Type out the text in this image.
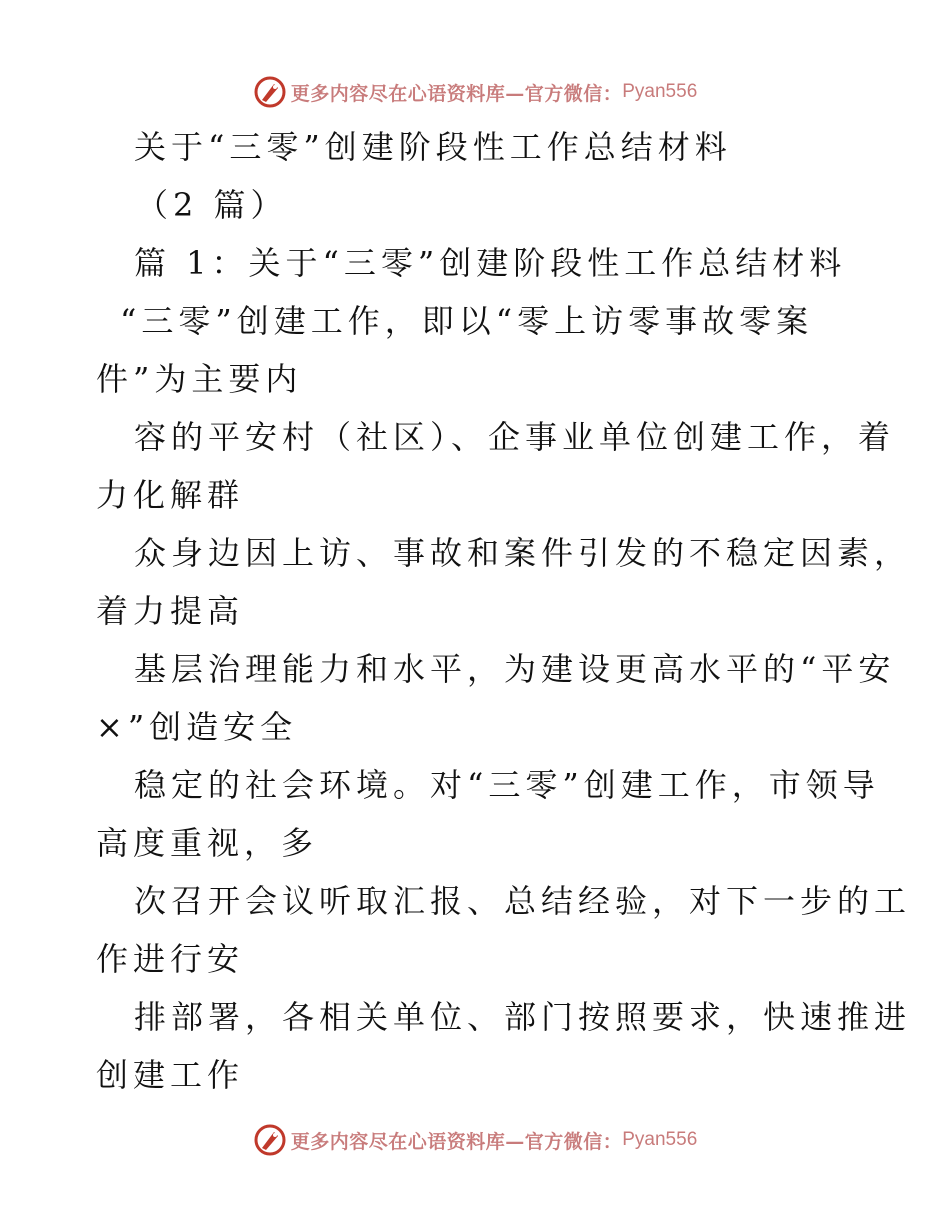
更多内容尽在心语资料库—官方微信： Pyan556
关于“三零”创建阶段性工作总结材料
（2 篇）
篇 1：关于“三零”创建阶段性工作总结材料
“三零”创建工作，即以“零上访零事故零案
件”为主要内
容的平安村（社区）、企事业单位创建工作，着
力化解群
众身边因上访、事故和案件引发的不稳定因素，
着力提高
基层治理能力和水平，为建设更高水平的“平安
×”创造安全
稳定的社会环境。对“三零”创建工作，市领导
高度重视，多
次召开会议听取汇报、总结经验，对下一步的工
作进行安
排部署，各相关单位、部门按照要求，快速推进
创建工作
更多内容尽在心语资料库—官方微信： Pyan556
